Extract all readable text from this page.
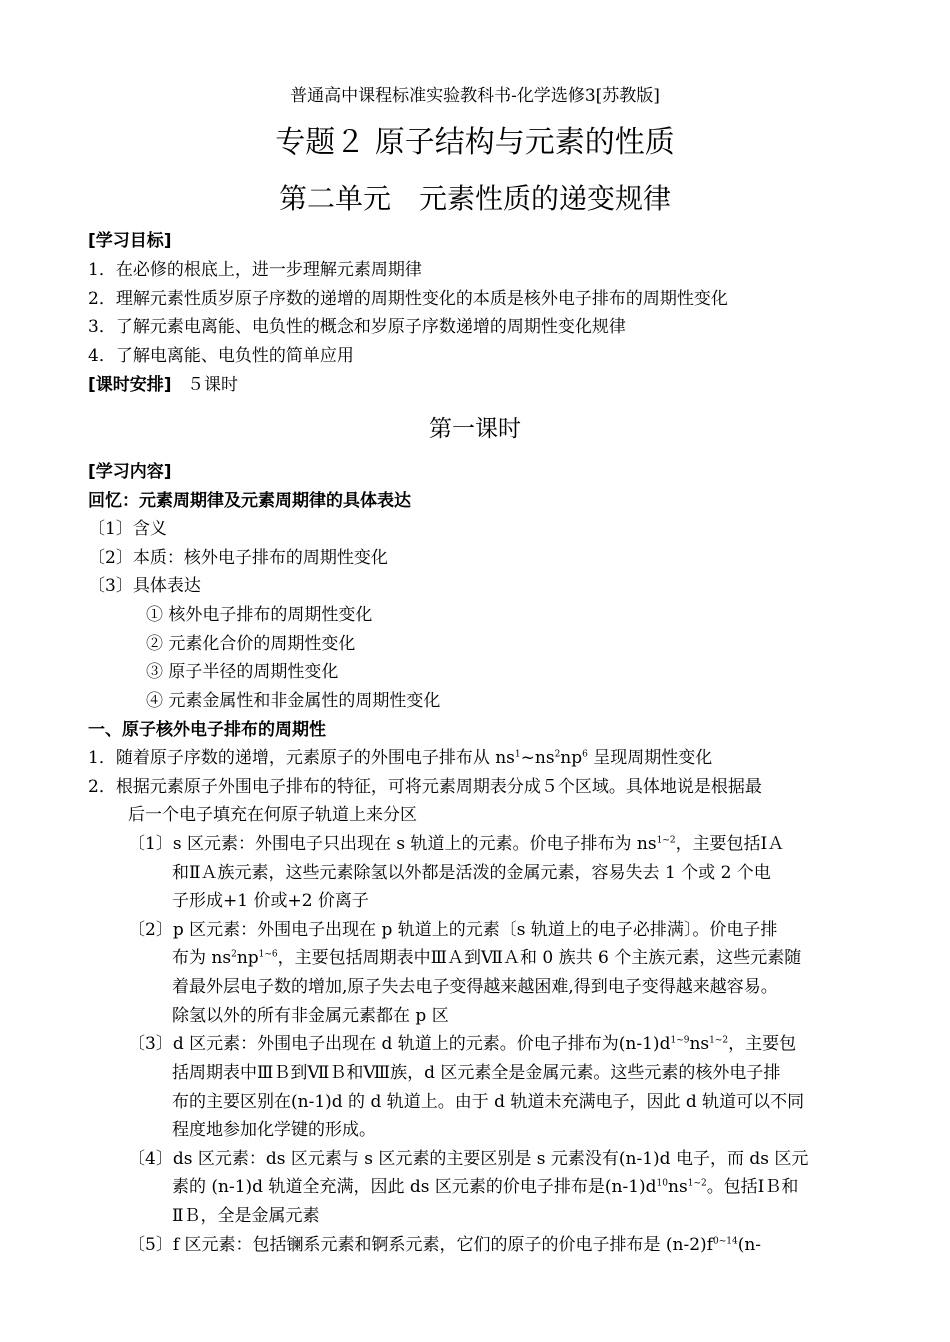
普通高中课程标准实验教科书-化学选修3[苏教版]
专题２ 原子结构与元素的性质
第二单元　元素性质的递变规律
[学习目标]
1．在必修的根底上，进一步理解元素周期律
2．理解元素性质岁原子序数的递增的周期性变化的本质是核外电子排布的周期性变化
3．了解元素电离能、电负性的概念和岁原子序数递增的周期性变化规律
4．了解电离能、电负性的简单应用
[课时安排] ５课时
第一课时
[学习内容]
回忆：元素周期律及元素周期律的具体表达
〔1〕含义
〔2〕本质：核外电子排布的周期性变化
〔3〕具体表达
① 核外电子排布的周期性变化
② 元素化合价的周期性变化
③ 原子半径的周期性变化
④ 元素金属性和非金属性的周期性变化
一、原子核外电子排布的周期性
1．随着原子序数的递增，元素原子的外围电子排布从 $ns^1\sim ns^2np^6$ 呈现周期性变化
2．根据元素原子外围电子排布的特征，可将元素周期表分成５个区域。具体地说是根据最
后一个电子填充在何原子轨道上来分区
〔1〕s 区元素：外围电子只出现在 s 轨道上的元素。价电子排布为 $ns^{1\sim 2}$，主要包括ⅠＡ
和ⅡＡ族元素，这些元素除氢以外都是活泼的金属元素，容易失去 1 个或 2 个电
子形成+1 价或+2 价离子
〔2〕p 区元素：外围电子出现在 p 轨道上的元素〔s 轨道上的电子必排满〕。价电子排
布为 $ns^2np^{1\sim 6}$，主要包括周期表中ⅢＡ到ⅦＡ和 0 族共 6 个主族元素，这些元素随
着最外层电子数的增加,原子失去电子变得越来越困难,得到电子变得越来越容易。
除氢以外的所有非金属元素都在 p 区
〔3〕d 区元素：外围电子出现在 d 轨道上的元素。价电子排布为$(n-1)d^{1\sim 9}ns^{1\sim 2}$，主要包
括周期表中ⅢＢ到ⅦＢ和Ⅷ族，d 区元素全是金属元素。这些元素的核外电子排
布的主要区别在(n-1)d 的 d 轨道上。由于 d 轨道未充满电子，因此 d 轨道可以不同
程度地参加化学键的形成。
〔4〕ds 区元素：ds 区元素与 s 区元素的主要区别是 s 元素没有(n-1)d 电子，而 ds 区元
素的 (n-1)d 轨道全充满，因此 ds 区元素的价电子排布是$(n-1)d^{10}ns^{1\sim 2}$。包括ⅠＢ和
ⅡＢ，全是金属元素
〔5〕f 区元素：包括镧系元素和锕系元素，它们的原子的价电子排布是 $(n-2)f^{0\sim 14}(n-$
